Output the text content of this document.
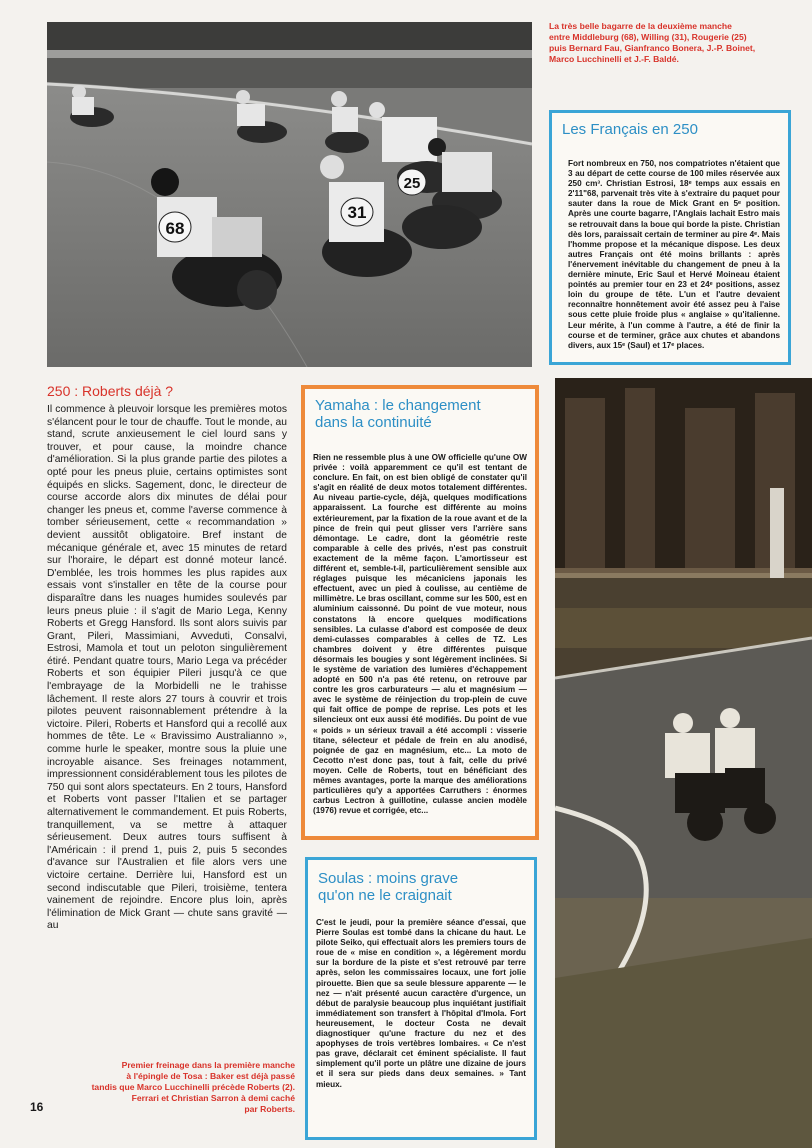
31
25
68
La très belle bagarre de la deuxième manche
entre Middleburg (68), Willing (31), Rougerie (25)
puis Bernard Fau, Gianfranco Bonera, J.-P. Boinet,
Marco Lucchinelli et J.-F. Baldé.
Les Français en 250
Fort nombreux en 750, nos compatriotes n'étaient que 3 au départ de cette course de 100 miles réservée aux 250 cm³. Christian Estrosi, 18ᵉ temps aux essais en 2'11"68, parvenait très vite à s'extraire du paquet pour sauter dans la roue de Mick Grant en 5ᵉ position. Après une courte bagarre, l'Anglais lachait Estro mais se retrouvait dans la boue qui borde la piste. Christian dès lors, paraissait certain de terminer au pire 4ᵉ. Mais l'homme propose et la mécanique dispose. Les deux autres Français ont été moins brillants : après l'énervement inévitable du changement de pneu à la dernière minute, Eric Saul et Hervé Moineau étaient pointés au premier tour en 23 et 24ᵉ positions, assez loin du groupe de tête. L'un et l'autre devaient reconnaître honnêtement avoir été assez peu à l'aise sous cette pluie froide plus « anglaise » qu'italienne. Leur mérite, à l'un comme à l'autre, a été de finir la course et de terminer, grâce aux chutes et abandons divers, aux 15ᵉ (Saul) et 17ᵉ places.
250 : Roberts déjà ?
Il commence à pleuvoir lorsque les premières motos s'élancent pour le tour de chauffe. Tout le monde, au stand, scrute anxieusement le ciel lourd sans y trouver, et pour cause, la moindre chance d'amélioration. Si la plus grande partie des pilotes a opté pour les pneus pluie, certains optimistes sont équipés en slicks. Sagement, donc, le directeur de course accorde alors dix minutes de délai pour changer les pneus et, comme l'averse commence à tomber sérieusement, cette « recommandation » devient aussitôt obligatoire. Bref instant de mécanique générale et, avec 15 minutes de retard sur l'horaire, le départ est donné moteur lancé. D'emblée, les trois hommes les plus rapides aux essais vont s'installer en tête de la course pour disparaître dans les nuages humides soulevés par leurs pneus pluie : il s'agit de Mario Lega, Kenny Roberts et Gregg Hansford. Ils sont alors suivis par Grant, Pileri, Massimiani, Avveduti, Consalvi, Estrosi, Mamola et tout un peloton singulièrement étiré. Pendant quatre tours, Mario Lega va précéder Roberts et son équipier Pileri jusqu'à ce que l'embrayage de la Morbidelli ne le trahisse lâchement. Il reste alors 27 tours à couvrir et trois pilotes peuvent raisonnablement prétendre à la victoire. Pileri, Roberts et Hansford qui a recollé aux hommes de tête. Le « Bravissimo Australianno », comme hurle le speaker, montre sous la pluie une incroyable aisance. Ses freinages notamment, impressionnent considérablement tous les pilotes de 750 qui sont alors spectateurs. En 2 tours, Hansford et Roberts vont passer l'Italien et se partager alternativement le commandement. Et puis Roberts, tranquillement, va se mettre à attaquer sérieusement. Deux autres tours suffisent à l'Américain : il prend 1, puis 2, puis 5 secondes d'avance sur l'Australien et file alors vers une victoire certaine. Derrière lui, Hansford est un second indiscutable que Pileri, troisième, tentera vainement de rejoindre. Encore plus loin, après l'élimination de Mick Grant — chute sans gravité — au
Yamaha : le changement
dans la continuité
Rien ne ressemble plus à une OW officielle qu'une OW privée : voilà apparemment ce qu'il est tentant de conclure. En fait, on est bien obligé de constater qu'il s'agit en réalité de deux motos totalement différentes. Au niveau partie-cycle, déjà, quelques modifications apparaissent. La fourche est différente au moins extérieurement, par la fixation de la roue avant et de la pince de frein qui peut glisser vers l'arrière sans démontage. Le cadre, dont la géométrie reste comparable à celle des privés, n'est pas construit exactement de la même façon. L'amortisseur est différent et, semble-t-il, particulièrement sensible aux réglages puisque les mécaniciens japonais les effectuent, avec un pied à coulisse, au centième de millimètre. Le bras oscillant, comme sur les 500, est en aluminium caissonné. Du point de vue moteur, nous constatons là encore quelques modifications sensibles. La culasse d'abord est composée de deux demi-culasses comparables à celles de TZ. Les chambres doivent y être différentes puisque désormais les bougies y sont légèrement inclinées. Si le système de variation des lumières d'échappement adopté en 500 n'a pas été retenu, on retrouve par contre les gros carburateurs — alu et magnésium — avec le système de réinjection du trop-plein de cuve qui fait office de pompe de reprise. Les pots et les silencieux ont eux aussi été modifiés. Du point de vue « poids » un sérieux travail a été accompli : visserie titane, sélecteur et pédale de frein en alu anodisé, poignée de gaz en magnésium, etc... La moto de Cecotto n'est donc pas, tout à fait, celle du privé moyen. Celle de Roberts, tout en bénéficiant des mêmes avantages, porte la marque des améliorations particulières qu'y a apportées Carruthers : énormes carbus Lectron à guillotine, culasse ancien modèle (1976) revue et corrigée, etc...
Soulas : moins grave
qu'on ne le craignait
C'est le jeudi, pour la première séance d'essai, que Pierre Soulas est tombé dans la chicane du haut. Le pilote Seiko, qui effectuait alors les premiers tours de roue de « mise en condition », a légèrement mordu sur la bordure de la piste et s'est retrouvé par terre après, selon les commissaires locaux, une fort jolie pirouette. Bien que sa seule blessure apparente — le nez — n'ait présenté aucun caractère d'urgence, un début de paralysie beaucoup plus inquiétant justifiait immédiatement son transfert à l'hôpital d'Imola. Fort heureusement, le docteur Costa ne devait diagnostiquer qu'une fracture du nez et des apophyses de trois vertèbres lombaires. « Ce n'est pas grave, déclarait cet éminent spécialiste. Il faut simplement qu'il porte un plâtre une dizaine de jours et il sera sur pieds dans deux semaines. » Tant mieux.
Premier freinage dans la première manche
à l'épingle de Tosa : Baker est déjà passé
tandis que Marco Lucchinelli précède Roberts (2).
Ferrari et Christian Sarron à demi caché
par Roberts.
16
